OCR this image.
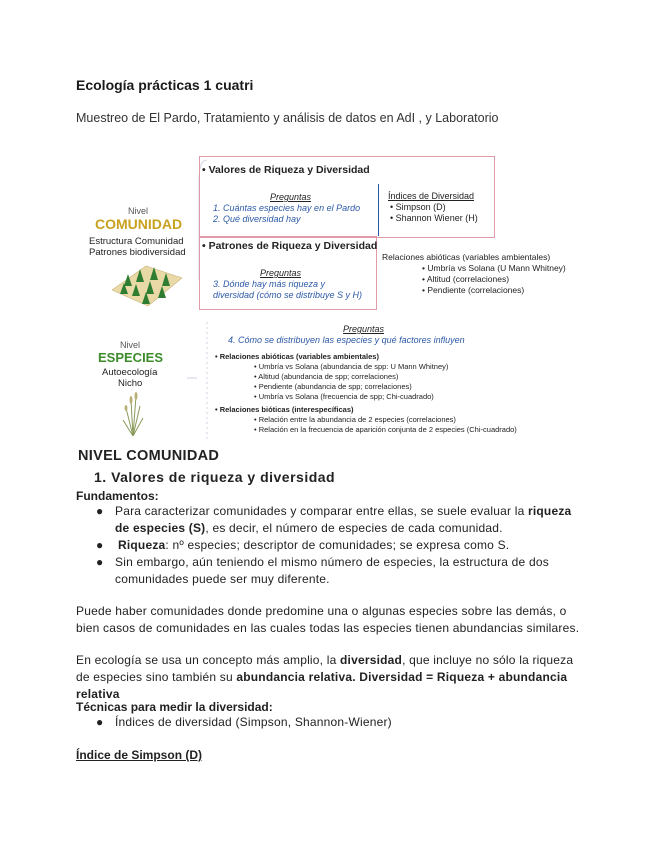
Ecología prácticas 1 cuatri
Muestreo de El Pardo, Tratamiento y análisis de datos en AdI , y Laboratorio
Nivel
COMUNIDAD
Estructura Comunidad
Patrones biodiversidad
Nivel
ESPECIES
Autoecología
Nicho
• Valores de Riqueza y Diversidad
Preguntas
1. Cuántas especies hay en el Pardo
2. Qué diversidad hay
Índices de Diversidad
• Simpson (D)
• Shannon Wiener (H)
• Patrones de Riqueza y Diversidad
Preguntas
3. Dónde hay más riqueza y
diversidad (cómo se distribuye S y H)
Relaciones abióticas (variables ambientales)
• Umbría vs Solana (U Mann Whitney)
• Altitud (correlaciones)
• Pendiente (correlaciones)
Preguntas
4. Cómo se distribuyen las especies y qué factores influyen
• Relaciones abióticas (variables ambientales)
• Umbría vs Solana (abundancia de spp: U Mann Whitney)
• Altitud (abundancia de spp; correlaciones)
• Pendiente (abundancia de spp; correlaciones)
• Umbría vs Solana (frecuencia de spp; Chi-cuadrado)
• Relaciones bióticas (interespecíficas)
• Relación entre la abundancia de 2 especies (correlaciones)
• Relación en la frecuencia de aparición conjunta de 2 especies (Chi-cuadrado)
NIVEL COMUNIDAD
1. Valores de riqueza y diversidad
Fundamentos:
● Para caracterizar comunidades y comparar entre ellas, se suele evaluar la riqueza de especies (S), es decir, el número de especies de cada comunidad.
● Riqueza: nº especies; descriptor de comunidades; se expresa como S.
● Sin embargo, aún teniendo el mismo número de especies, la estructura de dos comunidades puede ser muy diferente.
Puede haber comunidades donde predomine una o algunas especies sobre las demás, o bien casos de comunidades en las cuales todas las especies tienen abundancias similares.
En ecología se usa un concepto más amplio, la diversidad, que incluye no sólo la riqueza de especies sino también su abundancia relativa. Diversidad = Riqueza + abundancia relativa
Técnicas para medir la diversidad:
● Índices de diversidad (Simpson, Shannon-Wiener)
Índice de Simpson (D)
